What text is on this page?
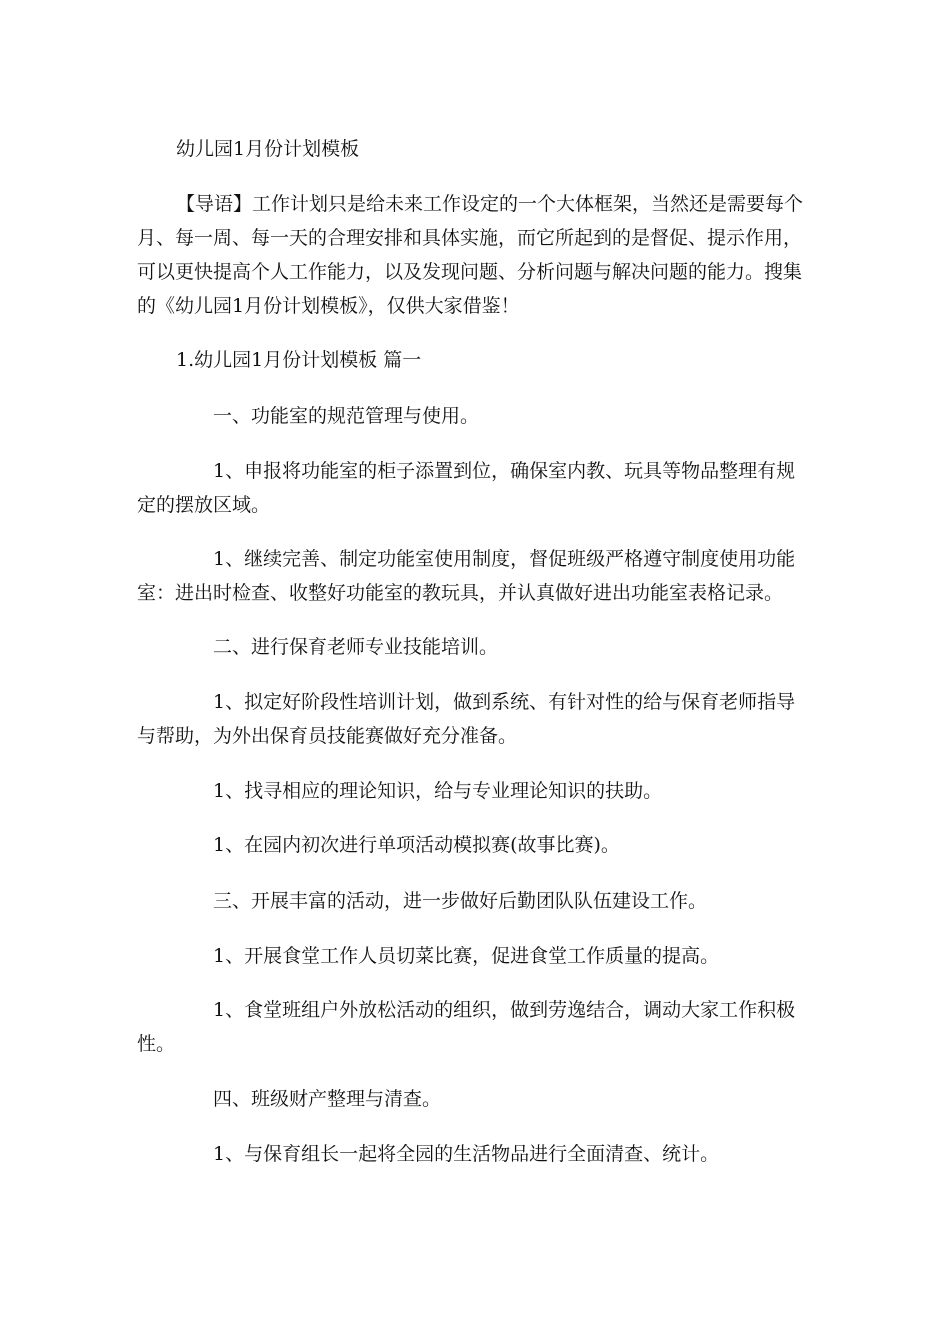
幼儿园1月份计划模板

【导语】工作计划只是给未来工作设定的一个大体框架，当然还是需要每个

月、每一周、每一天的合理安排和具体实施，而它所起到的是督促、提示作用，

可以更快提高个人工作能力，以及发现问题、分析问题与解决问题的能力。搜集

的《幼儿园1月份计划模板》，仅供大家借鉴！

1.幼儿园1月份计划模板 篇一

一、功能室的规范管理与使用。

1、申报将功能室的柜子添置到位，确保室内教、玩具等物品整理有规

定的摆放区域。

1、继续完善、制定功能室使用制度，督促班级严格遵守制度使用功能

室：进出时检查、收整好功能室的教玩具，并认真做好进出功能室表格记录。

二、进行保育老师专业技能培训。

1、拟定好阶段性培训计划，做到系统、有针对性的给与保育老师指导

与帮助，为外出保育员技能赛做好充分准备。

1、找寻相应的理论知识，给与专业理论知识的扶助。

1、在园内初次进行单项活动模拟赛(故事比赛)。

三、开展丰富的活动，进一步做好后勤团队队伍建设工作。

1、开展食堂工作人员切菜比赛，促进食堂工作质量的提高。

1、食堂班组户外放松活动的组织，做到劳逸结合，调动大家工作积极

性。

四、班级财产整理与清查。

1、与保育组长一起将全园的生活物品进行全面清查、统计。
